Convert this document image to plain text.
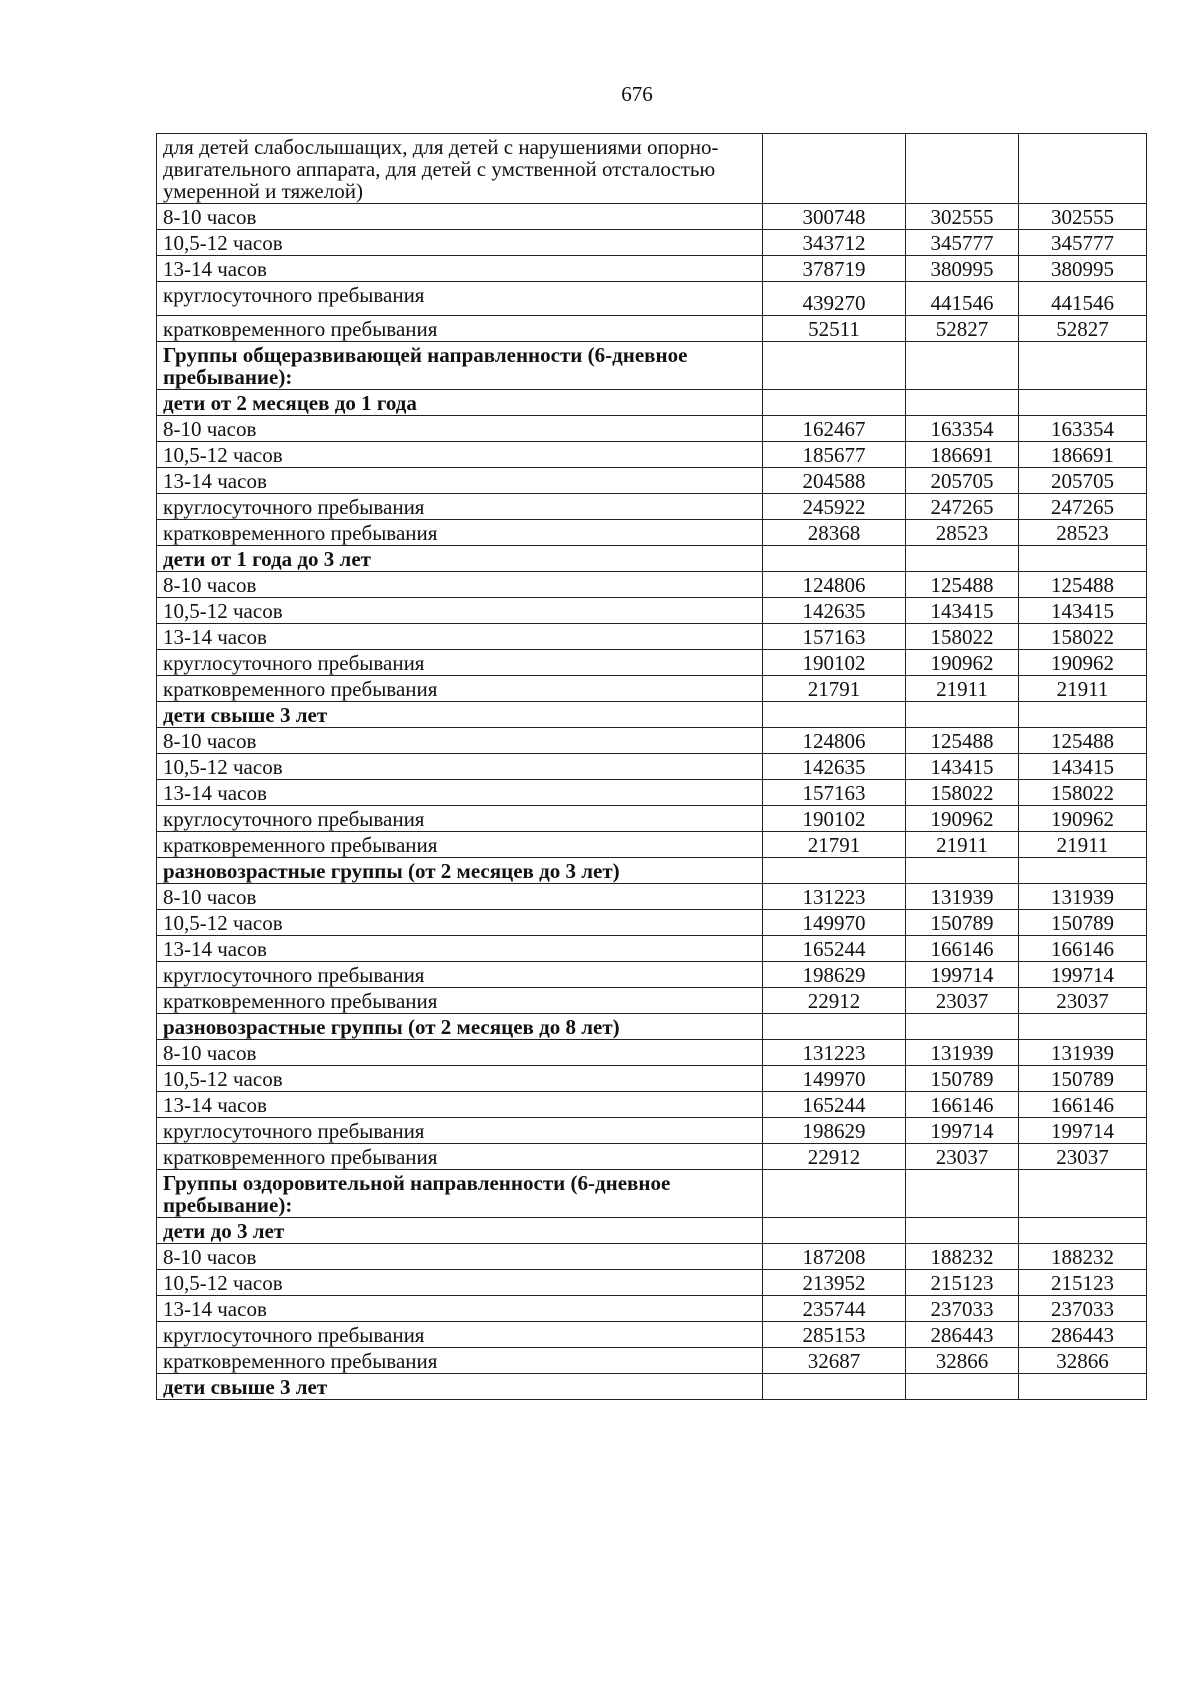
676
для детей слабослышащих, для детей с нарушениями опорно-двигательного аппарата, для детей с умственной отсталостью умеренной и тяжелой)			
8-10 часов	300748	302555	302555
10,5-12 часов	343712	345777	345777
13-14 часов	378719	380995	380995
круглосуточного пребывания	439270	441546	441546
кратковременного пребывания	52511	52827	52827
Группы общеразвивающей направленности (6-дневное пребывание):			
дети от 2 месяцев до 1 года			
8-10 часов	162467	163354	163354
10,5-12 часов	185677	186691	186691
13-14 часов	204588	205705	205705
круглосуточного пребывания	245922	247265	247265
кратковременного пребывания	28368	28523	28523
дети от 1 года до 3 лет			
8-10 часов	124806	125488	125488
10,5-12 часов	142635	143415	143415
13-14 часов	157163	158022	158022
круглосуточного пребывания	190102	190962	190962
кратковременного пребывания	21791	21911	21911
дети свыше 3 лет			
8-10 часов	124806	125488	125488
10,5-12 часов	142635	143415	143415
13-14 часов	157163	158022	158022
круглосуточного пребывания	190102	190962	190962
кратковременного пребывания	21791	21911	21911
разновозрастные группы (от 2 месяцев до 3 лет)			
8-10 часов	131223	131939	131939
10,5-12 часов	149970	150789	150789
13-14 часов	165244	166146	166146
круглосуточного пребывания	198629	199714	199714
кратковременного пребывания	22912	23037	23037
разновозрастные группы (от 2 месяцев до 8 лет)			
8-10 часов	131223	131939	131939
10,5-12 часов	149970	150789	150789
13-14 часов	165244	166146	166146
круглосуточного пребывания	198629	199714	199714
кратковременного пребывания	22912	23037	23037
Группы оздоровительной направленности (6-дневное пребывание):			
дети до 3 лет			
8-10 часов	187208	188232	188232
10,5-12 часов	213952	215123	215123
13-14 часов	235744	237033	237033
круглосуточного пребывания	285153	286443	286443
кратковременного пребывания	32687	32866	32866
дети свыше 3 лет			
